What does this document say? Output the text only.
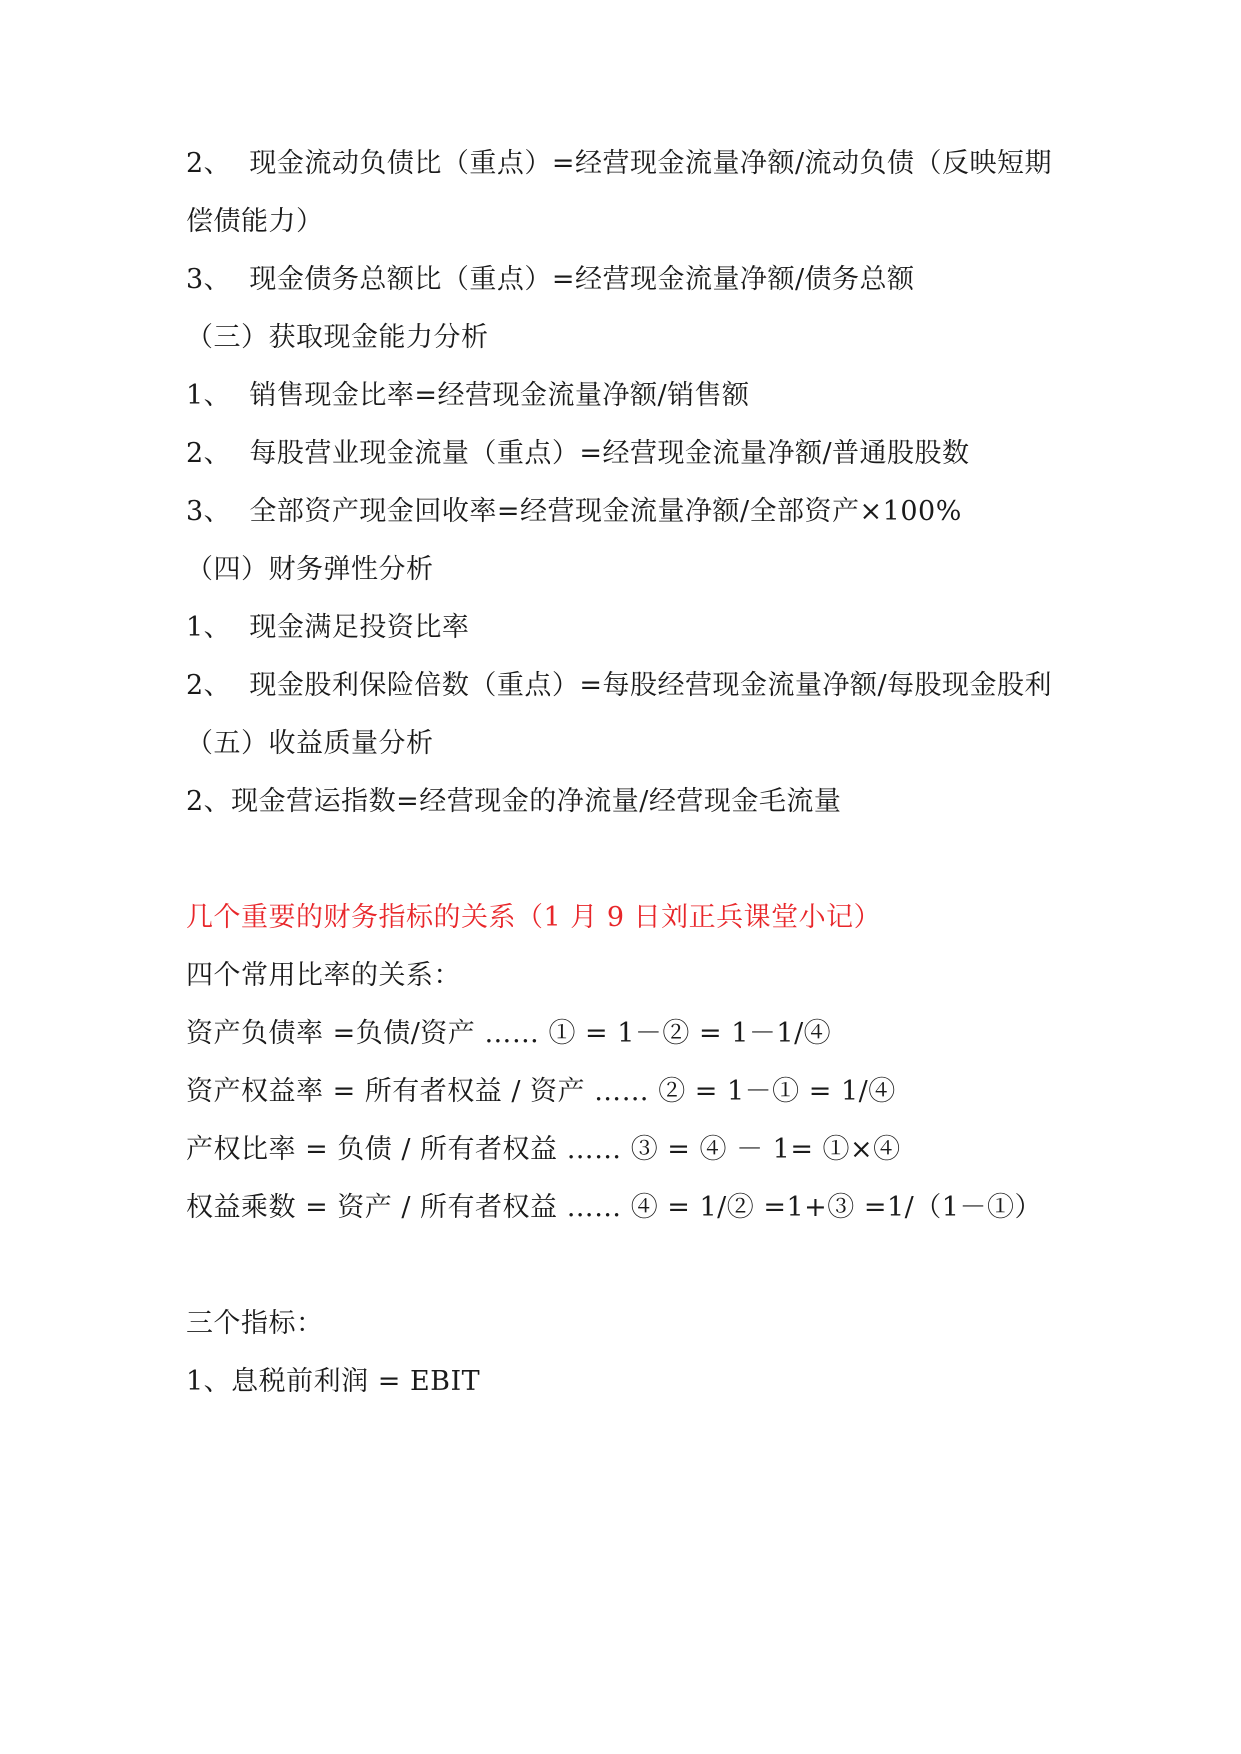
2、  现金流动负债比（重点）=经营现金流量净额/流动负债（反映短期
偿债能力）
3、  现金债务总额比（重点）=经营现金流量净额/债务总额
（三）获取现金能力分析
1、  销售现金比率=经营现金流量净额/销售额
2、  每股营业现金流量（重点）=经营现金流量净额/普通股股数
3、  全部资产现金回收率=经营现金流量净额/全部资产×100%
（四）财务弹性分析
1、  现金满足投资比率
2、  现金股利保险倍数（重点）=每股经营现金流量净额/每股现金股利
（五）收益质量分析
2、现金营运指数=经营现金的净流量/经营现金毛流量
几个重要的财务指标的关系（1 月 9 日刘正兵课堂小记）
四个常用比率的关系：
资产负债率 =负债/资产 …… ① = 1－② = 1－1/④
资产权益率 = 所有者权益 / 资产 …… ② = 1－① = 1/④
产权比率 = 负债 / 所有者权益 …… ③ = ④ － 1= ①×④
权益乘数 = 资产 / 所有者权益 …… ④ = 1/② =1+③ =1/（1－①）
三个指标：
1、息税前利润 = EBIT
